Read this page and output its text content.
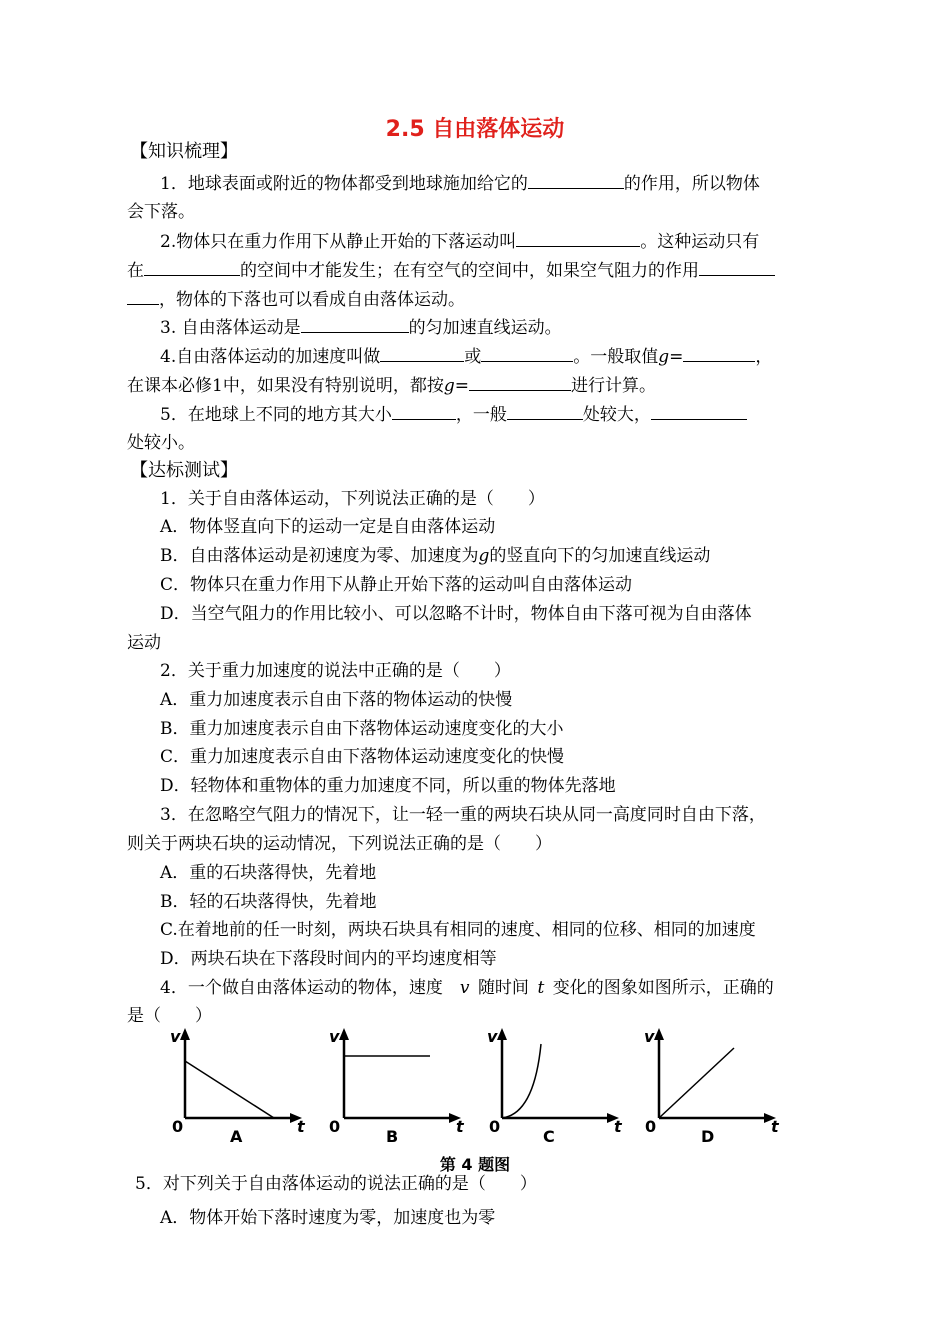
2.5 自由落体运动
【知识梳理】
1．地球表面或附近的物体都受到地球施加给它的	的作用，所以物体
会下落。
2.物体只在重力作用下从静止开始的下落运动叫	。这种运动只有
在	的空间中才能发生；在有空气的空间中，如果空气阻力的作用
，物体的下落也可以看成自由落体运动。
3. 自由落体运动是	的匀加速直线运动。
4.自由落体运动的加速度叫做	或	。一般取值g=	，
在课本必修1中，如果没有特别说明，都按g=	进行计算。
5．在地球上不同的地方其大小	，一般	处较大，
处较小。
【达标测试】
1．关于自由落体运动，下列说法正确的是（　　）
A．物体竖直向下的运动一定是自由落体运动
B．自由落体运动是初速度为零、加速度为g的竖直向下的匀加速直线运动
C．物体只在重力作用下从静止开始下落的运动叫自由落体运动
D．当空气阻力的作用比较小、可以忽略不计时，物体自由下落可视为自由落体
运动
2．关于重力加速度的说法中正确的是（　　）
A．重力加速度表示自由下落的物体运动的快慢
B．重力加速度表示自由下落物体运动速度变化的大小
C．重力加速度表示自由下落物体运动速度变化的快慢
D．轻物体和重物体的重力加速度不同，所以重的物体先落地
3．在忽略空气阻力的情况下，让一轻一重的两块石块从同一高度同时自由下落，
则关于两块石块的运动情况，下列说法正确的是（　　）
A．重的石块落得快，先着地
B．轻的石块落得快，先着地
C.在着地前的任一时刻，两块石块具有相同的速度、相同的位移、相同的加速度
D．两块石块在下落段时间内的平均速度相等
4．一个做自由落体运动的物体，速度  v  随时间  t  变化的图象如图所示，正确的
是（　　）
v
0	t
A
v
0	t
B
v
0	t
C
v
0	t
D
第 4 题图
5．对下列关于自由落体运动的说法正确的是（　　）
A．物体开始下落时速度为零，加速度也为零
